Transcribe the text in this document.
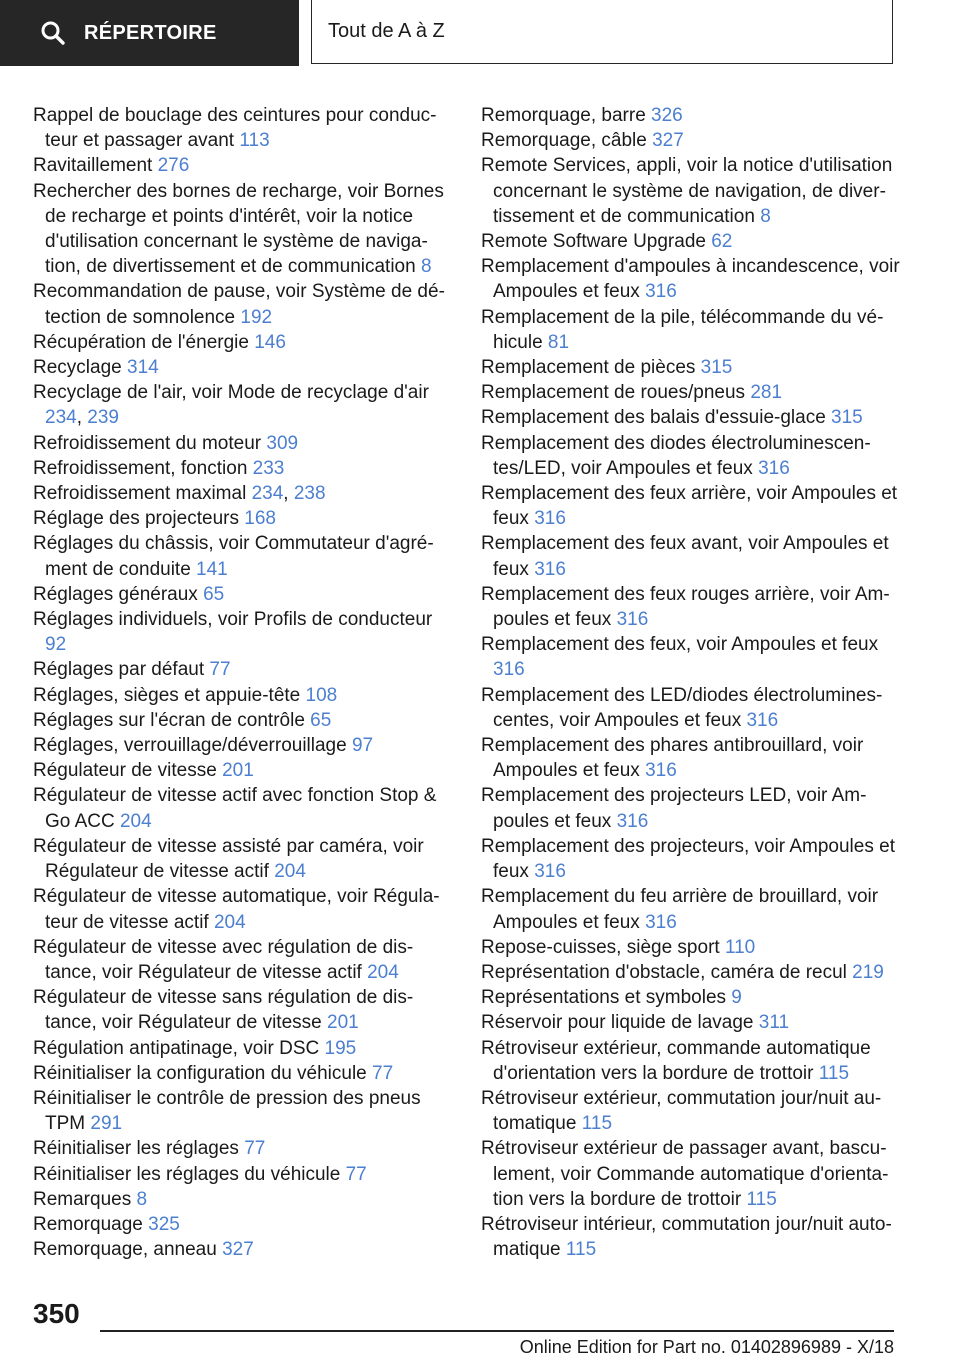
RÉPERTOIRE	Tout de A à Z
Rappel de bouclage des ceintures pour conducteur et passager avant 113
Ravitaillement 276
Rechercher des bornes de recharge, voir Bornes de recharge et points d'intérêt, voir la notice d'utilisation concernant le système de navigation, de divertissement et de communication 8
Recommandation de pause, voir Système de détection de somnolence 192
Récupération de l'énergie 146
Recyclage 314
Recyclage de l'air, voir Mode de recyclage d'air 234, 239
Refroidissement du moteur 309
Refroidissement, fonction 233
Refroidissement maximal 234, 238
Réglage des projecteurs 168
Réglages du châssis, voir Commutateur d'agrément de conduite 141
Réglages généraux 65
Réglages individuels, voir Profils de conducteur 92
Réglages par défaut 77
Réglages, sièges et appuie-tête 108
Réglages sur l'écran de contrôle 65
Réglages, verrouillage/déverrouillage 97
Régulateur de vitesse 201
Régulateur de vitesse actif avec fonction Stop & Go ACC 204
Régulateur de vitesse assisté par caméra, voir Régulateur de vitesse actif 204
Régulateur de vitesse automatique, voir Régulateur de vitesse actif 204
Régulateur de vitesse avec régulation de distance, voir Régulateur de vitesse actif 204
Régulateur de vitesse sans régulation de distance, voir Régulateur de vitesse 201
Régulation antipatinage, voir DSC 195
Réinitialiser la configuration du véhicule 77
Réinitialiser le contrôle de pression des pneus TPM 291
Réinitialiser les réglages 77
Réinitialiser les réglages du véhicule 77
Remarques 8
Remorquage 325
Remorquage, anneau 327
Remorquage, barre 326
Remorquage, câble 327
Remote Services, appli, voir la notice d'utilisation concernant le système de navigation, de divertissement et de communication 8
Remote Software Upgrade 62
Remplacement d'ampoules à incandescence, voir Ampoules et feux 316
Remplacement de la pile, télécommande du véhicule 81
Remplacement de pièces 315
Remplacement de roues/pneus 281
Remplacement des balais d'essuie-glace 315
Remplacement des diodes électroluminescentes/LED, voir Ampoules et feux 316
Remplacement des feux arrière, voir Ampoules et feux 316
Remplacement des feux avant, voir Ampoules et feux 316
Remplacement des feux rouges arrière, voir Ampoules et feux 316
Remplacement des feux, voir Ampoules et feux 316
Remplacement des LED/diodes électroluminescentes, voir Ampoules et feux 316
Remplacement des phares antibrouillard, voir Ampoules et feux 316
Remplacement des projecteurs LED, voir Ampoules et feux 316
Remplacement des projecteurs, voir Ampoules et feux 316
Remplacement du feu arrière de brouillard, voir Ampoules et feux 316
Repose-cuisses, siège sport 110
Représentation d'obstacle, caméra de recul 219
Représentations et symboles 9
Réservoir pour liquide de lavage 311
Rétroviseur extérieur, commande automatique d'orientation vers la bordure de trottoir 115
Rétroviseur extérieur, commutation jour/nuit automatique 115
Rétroviseur extérieur de passager avant, basculement, voir Commande automatique d'orientation vers la bordure de trottoir 115
Rétroviseur intérieur, commutation jour/nuit automatique 115
350
Online Edition for Part no. 01402896989 - X/18
